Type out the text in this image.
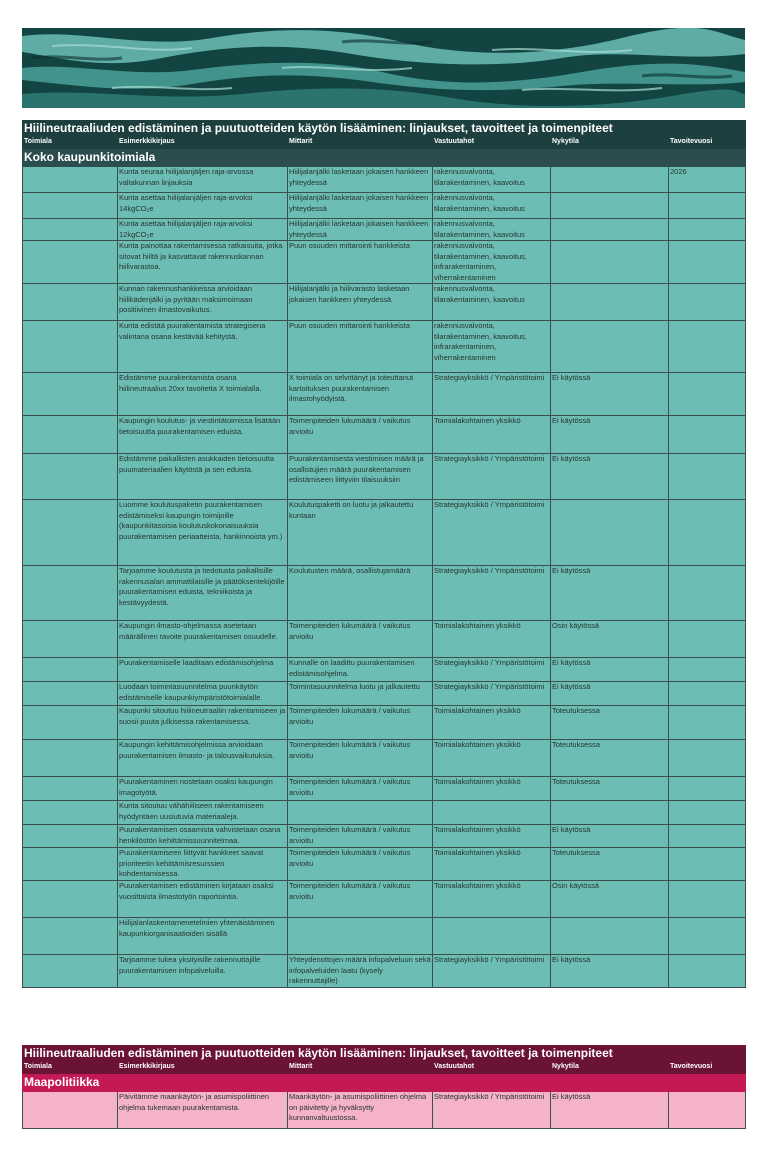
Hiilineutraaliuden edistäminen ja puutuotteiden käytön lisääminen: linjaukset, tavoitteet ja toimenpiteet					
Toimiala	Esimerkkikirjaus	Mittarit	Vastuutahot	Nykytila	Tavoitevuosi
Koko kaupunkitoimiala					
	Kunta seuraa hiilijalanjäljen raja-arvossa valtakunnan linjauksia	Hiilijalanjälki lasketaan jokaisen hankkeen yhteydessä	rakennusvalvonta, tilarakentaminen, kaavoitus		2026
	Kunta asettaa hiilijalanjäljen raja-arvoksi 14kgCO₂e	Hiilijalanjälki lasketaan jokaisen hankkeen yhteydessä	rakennusvalvonta, tilarakentaminen, kaavoitus		
	Kunta asettaa hiilijalanjäljen raja-arvoksi 12kgCO₂e	Hiilijalanjälki lasketaan jokaisen hankkeen yhteydessä	rakennusvalvonta, tilarakentaminen, kaavoitus		
	Kunta painottaa rakentamisessa ratkaisuita, jotka sitovat hiiltä ja kasvattavat rakennuskannan hiilivarastoa.	Puun osuuden mittarointi hankkeista	rakennusvalvonta, tilarakentaminen, kaavoitus, infrarakentaminen, viherrakentaminen		
	Kunnan rakennushankkeissa arvioidaan hiilikädenjälki ja pyritään maksimoimaan positiivinen ilmastovaikutus.	Hiilijalanjälki ja hiilivarasto lasketaan jokaisen hankkeen yhteydessä	rakennusvalvonta, tilarakentaminen, kaavoitus		
	Kunta edistää puurakentamista strategisena valintana osana kestävää kehitystä.	Puun osuuden mittarointi hankkeista	rakennusvalvonta, tilarakentaminen, kaavoitus, infrarakentaminen, viherrakentaminen		
	Edistämme puurakentamista osana hiilineutraalius 20xx tavoitetta X toimialalla.	X toimiala on selvittänyt ja toteuttanut kartoituksen puurakentamisen ilmastohyödyistä.	Strategiayksikkö / Ympäristötoimi	Ei käytössä	
	Kaupungin koulutus- ja viestintätoimissa lisätään tietoisuutta puurakentamisen eduista.	Toimenpiteiden lukumäärä / vaikutus arvioitu	Toimialakohtainen yksikkö	Ei käytössä	
	Edistämme paikallisten asukkaiden tietoisuutta puumateriaalien käytöstä ja sen eduista.	Puurakentamisesta viestimisen määrä ja osallistujien määrä puurakentamisen edistämiseen liittyviin tilaisuuksiin	Strategiayksikkö / Ympäristötoimi	Ei käytössä	
	Luomme koulutuspaketin puurakentamisen edistämiseksi kaupungin toimijoille (kaupunkitasoisia koulutuskokonaisuuksia puurakentamisen periaatteista, hankinnoista ym.)	Koulutuspaketti on luotu ja jalkautettu kuntaan	Strategiayksikkö / Ympäristötoimi		
	Tarjoamme koulutusta ja tiedotusta paikallisille rakennusalan ammattilaisille ja päätöksentekijöille puurakentamisen eduista, tekniikoista ja kestävyydestä.	Koulutusten määrä, osallistujamäärä	Strategiayksikkö / Ympäristötoimi	Ei käytössä	
	Kaupungin ilmasto-ohjelmassa asetetaan määrällinen tavoite puurakentamisen osuudelle.	Toimenpiteiden lukumäärä / vaikutus arvioitu	Toimialakohtainen yksikkö	Osin käytössä	
	Puurakentamiselle laaditaan edistämisohjelma	Kunnalle on laadittu puurakentamisen edistämisohjelma.	Strategiayksikkö / Ympäristötoimi	Ei käytössä	
	Luodaan toimintasuunnitelma puunkäytön edistämiselle kaupunkiympäristötoimialalle.	Toimintasuunnitelma luotu ja jalkautettu	Strategiayksikkö / Ympäristötoimi	Ei käytössä	
	Kaupunki sitoutuu hiilineutraaliin rakentamiseen ja suosii puuta julkisessa rakentamisessa.	Toimenpiteiden lukumäärä / vaikutus arvioitu	Toimialakohtainen yksikkö	Toteutuksessa	
	Kaupungin kehittämisohjelmissa arvioidaan puurakentamisen ilmasto- ja talousvaikutuksia.	Toimenpiteiden lukumäärä / vaikutus arvioitu	Toimialakohtainen yksikkö	Toteutuksessa	
	Puurakentaminen nostetaan osaksi kaupungin imagotyötä.	Toimenpiteiden lukumäärä / vaikutus arvioitu	Toimialakohtainen yksikkö	Toteutuksessa	
	Kunta sitoutuu vähähiiliseen rakentamiseen hyödyntäen uusiutuvia materiaaleja.				
	Puurakentamisen osaamista vahvistetaan osana henkilöstön kehittämissuunnitelmaa.	Toimenpiteiden lukumäärä / vaikutus arvioitu	Toimialakohtainen yksikkö	Ei käytössä	
	Puurakentamiseen liittyvät hankkeet saavat prioriteetin kehittämisresurssien kohdentamisessa.	Toimenpiteiden lukumäärä / vaikutus arvioitu	Toimialakohtainen yksikkö	Toteutuksessa	
	Puurakentamisen edistäminen kirjataan osaksi vuosittaista ilmastotyön raportointia.	Toimenpiteiden lukumäärä / vaikutus arvioitu	Toimialakohtainen yksikkö	Osin käytössä	
	Hiilijalanlaskentamenetelmien yhtenäistäminen kaupunkiorganisaatioiden sisällä				
	Tarjoamme tukea yksityisille rakennuttajille puurakentamisen infopalveluilla.	Yhteydenottojen määrä infopalveluun sekä infopalveluiden laatu (kysely rakennuttajille)	Strategiayksikkö / Ympäristötoimi	Ei käytössä	
Hiilineutraaliuden edistäminen ja puutuotteiden käytön lisääminen: linjaukset, tavoitteet ja toimenpiteet					
Toimiala	Esimerkkikirjaus	Mittarit	Vastuutahot	Nykytila	Tavoitevuosi
Maapolitiikka					
	Päivitämme maankäytön- ja asumispoliittinen ohjelma tukemaan puurakentamista.	Maankäytön- ja asumispoliittinen ohjelma on päivitetty ja hyväksytty kunnanvaltuustossa.	Strategiayksikkö / Ympäristötoimi	Ei käytössä	
